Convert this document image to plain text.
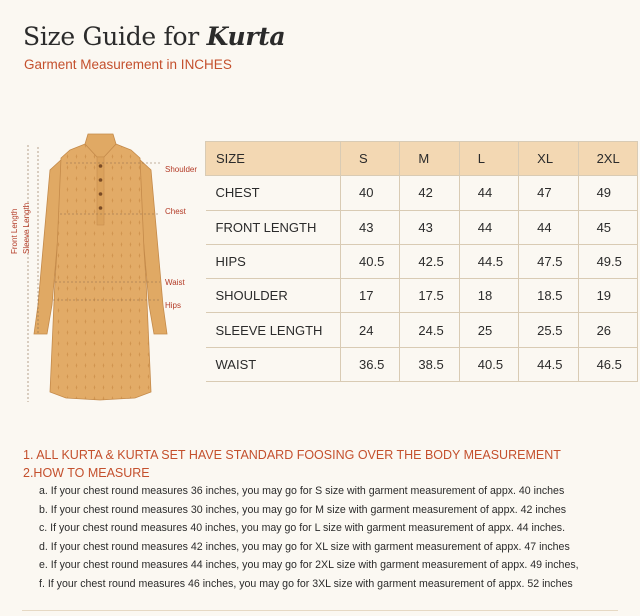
Size Guide for Kurta
Garment Measurement in INCHES
Shoulder
Chest
Waist
Hips
Front Length Sleeve Length
SIZE	S	M	L	XL	2XL
CHEST	40	42	44	47	49
FRONT LENGTH	43	43	44	44	45
HIPS	40.5	42.5	44.5	47.5	49.5
SHOULDER	17	17.5	18	18.5	19
SLEEVE LENGTH	24	24.5	25	25.5	26
WAIST	36.5	38.5	40.5	44.5	46.5

1. ALL KURTA & KURTA SET HAVE STANDARD FOOSING OVER THE BODY MEASUREMENT

2.HOW TO MEASURE

a. If your chest round measures 36 inches, you may go for S size with garment measurement of appx. 40 inches
b. If your chest round measures 30 inches, you may go for M size with garment measurement of appx. 42 inches
c. If your chest round measures 40 inches, you may go for L size with garment measurement of appx. 44 inches.
d. If your chest round measures 42 inches, you may go for XL size with garment measurement of appx. 47 inches
e. If your chest round measures 44 inches, you may go for 2XL size with garment measurement of appx. 49 inches,
f. If your chest round measures 46 inches, you may go for 3XL size with garment measurement of appx. 52 inches
